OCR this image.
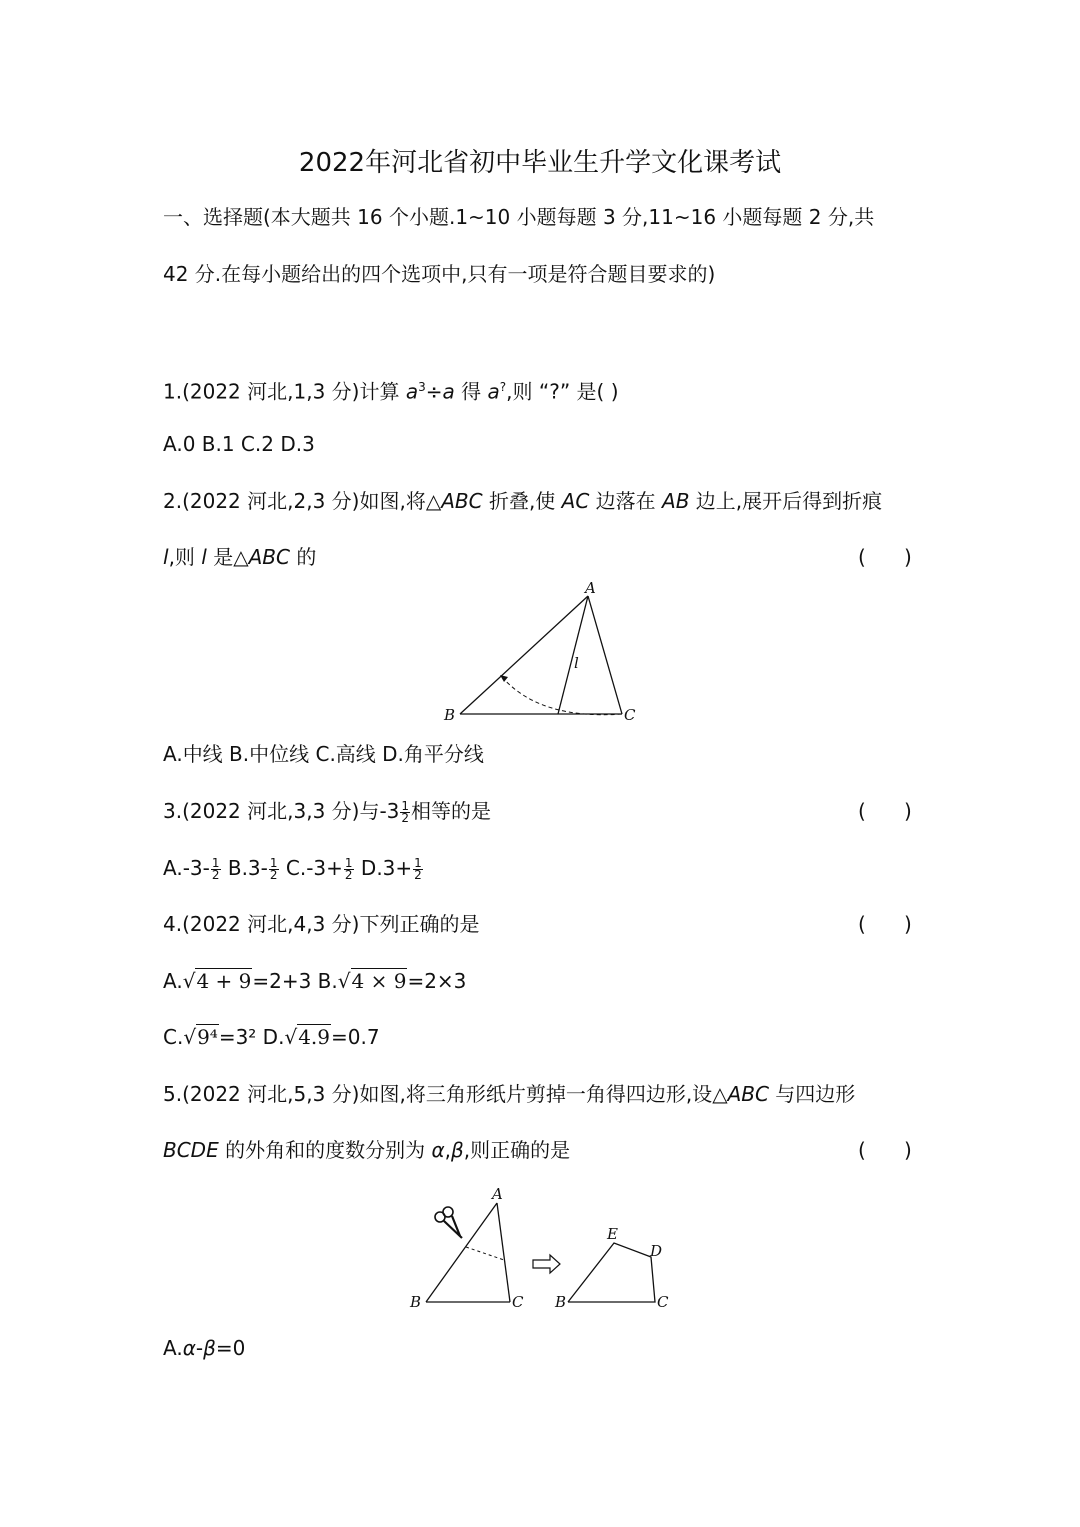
2022年河北省初中毕业生升学文化课考试
一、选择题(本大题共 16 个小题.1~10 小题每题 3 分,11~16 小题每题 2 分,共
42 分.在每小题给出的四个选项中,只有一项是符合题目要求的)
1.(2022 河北,1,3 分)计算 $a^3\div a$ 得 a?,则 “?” 是( )
A.0 B.1 C.2 D.3
2.(2022 河北,2,3 分)如图,将△ABC 折叠,使 AC 边落在 AB 边上,展开后得到折痕
l,则 l 是△ABC 的	(      )
A
B	C
l
A.中线 B.中位线 C.高线 D.角平分线
3.(2022 河北,3,3 分)与$-3 \frac{1}{2}$ 相等的是	(      )
$A.-3- \frac{1}{2} B.3- \frac{1}{2} C.-3+ \frac{1}{2} D.3+ \frac{1}{2}$
4.(2022 河北,4,3 分)下列正确的是	(      )
A.√4 + 9=2+3 B.√4 × 9=2×3
C.√9⁴=3² D.√4.9=0.7
5.(2022 河北,5,3 分)如图,将三角形纸片剪掉一角得四边形,设△ABC 与四边形
BCDE 的外角和的度数分别为 α,β,则正确的是	(      )
A
B	C
E
D
B	C
A.α-β=0
